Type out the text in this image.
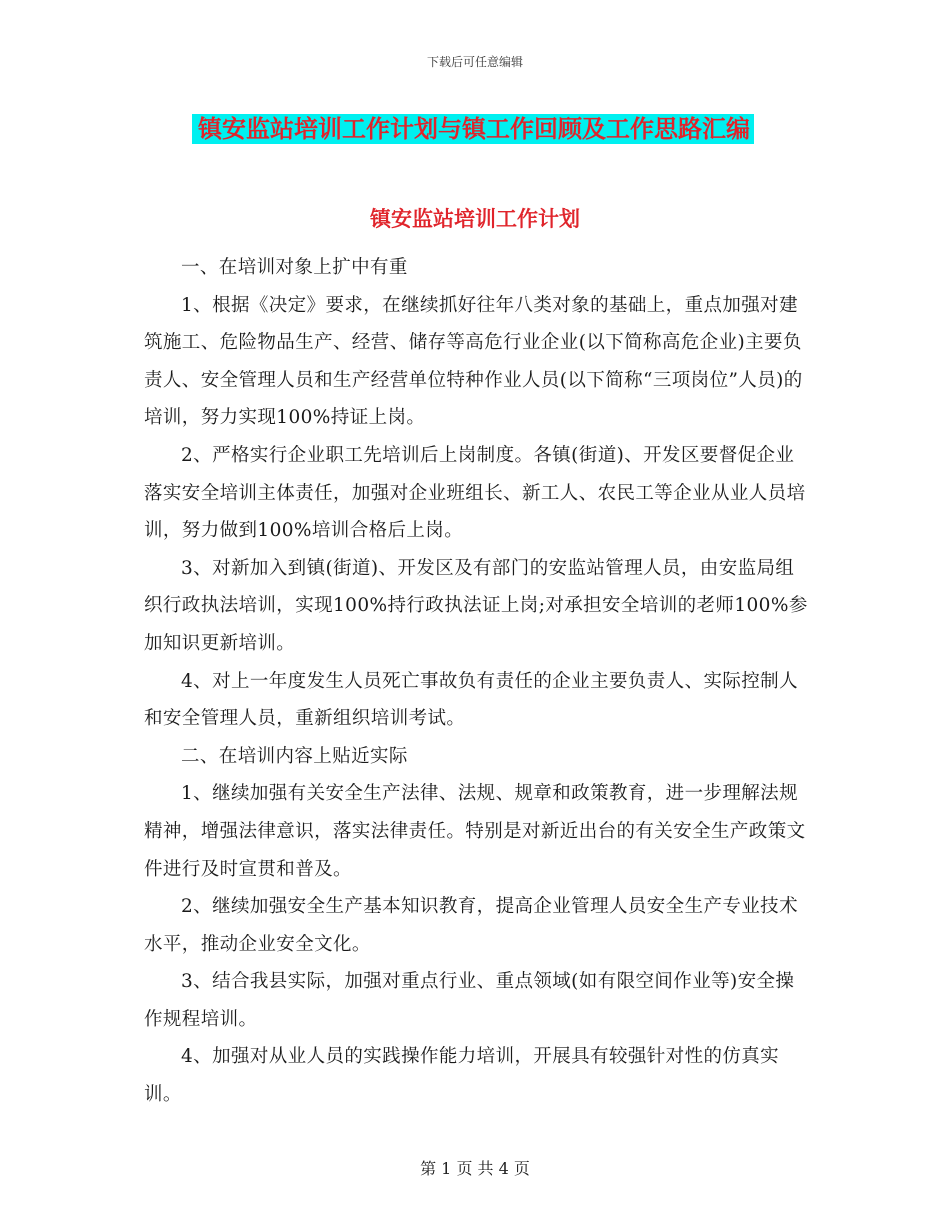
下载后可任意编辑
镇安监站培训工作计划与镇工作回顾及工作思路汇编
镇安监站培训工作计划

一、在培训对象上扩中有重

1、根据《决定》要求，在继续抓好往年八类对象的基础上，重点加强对建筑施工、危险物品生产、经营、储存等高危行业企业(以下简称高危企业)主要负责人、安全管理人员和生产经营单位特种作业人员(以下简称“三项岗位”人员)的培训，努力实现100%持证上岗。

2、严格实行企业职工先培训后上岗制度。各镇(街道)、开发区要督促企业落实安全培训主体责任，加强对企业班组长、新工人、农民工等企业从业人员培训，努力做到100%培训合格后上岗。

3、对新加入到镇(街道)、开发区及有部门的安监站管理人员，由安监局组织行政执法培训，实现100%持行政执法证上岗;对承担安全培训的老师100%参加知识更新培训。

4、对上一年度发生人员死亡事故负有责任的企业主要负责人、实际控制人和安全管理人员，重新组织培训考试。

二、在培训内容上贴近实际

1、继续加强有关安全生产法律、法规、规章和政策教育，进一步理解法规精神，增强法律意识，落实法律责任。特别是对新近出台的有关安全生产政策文件进行及时宣贯和普及。

2、继续加强安全生产基本知识教育，提高企业管理人员安全生产专业技术水平，推动企业安全文化。

3、结合我县实际，加强对重点行业、重点领域(如有限空间作业等)安全操作规程培训。

4、加强对从业人员的实践操作能力培训，开展具有较强针对性的仿真实训。

第 1 页 共 4 页
